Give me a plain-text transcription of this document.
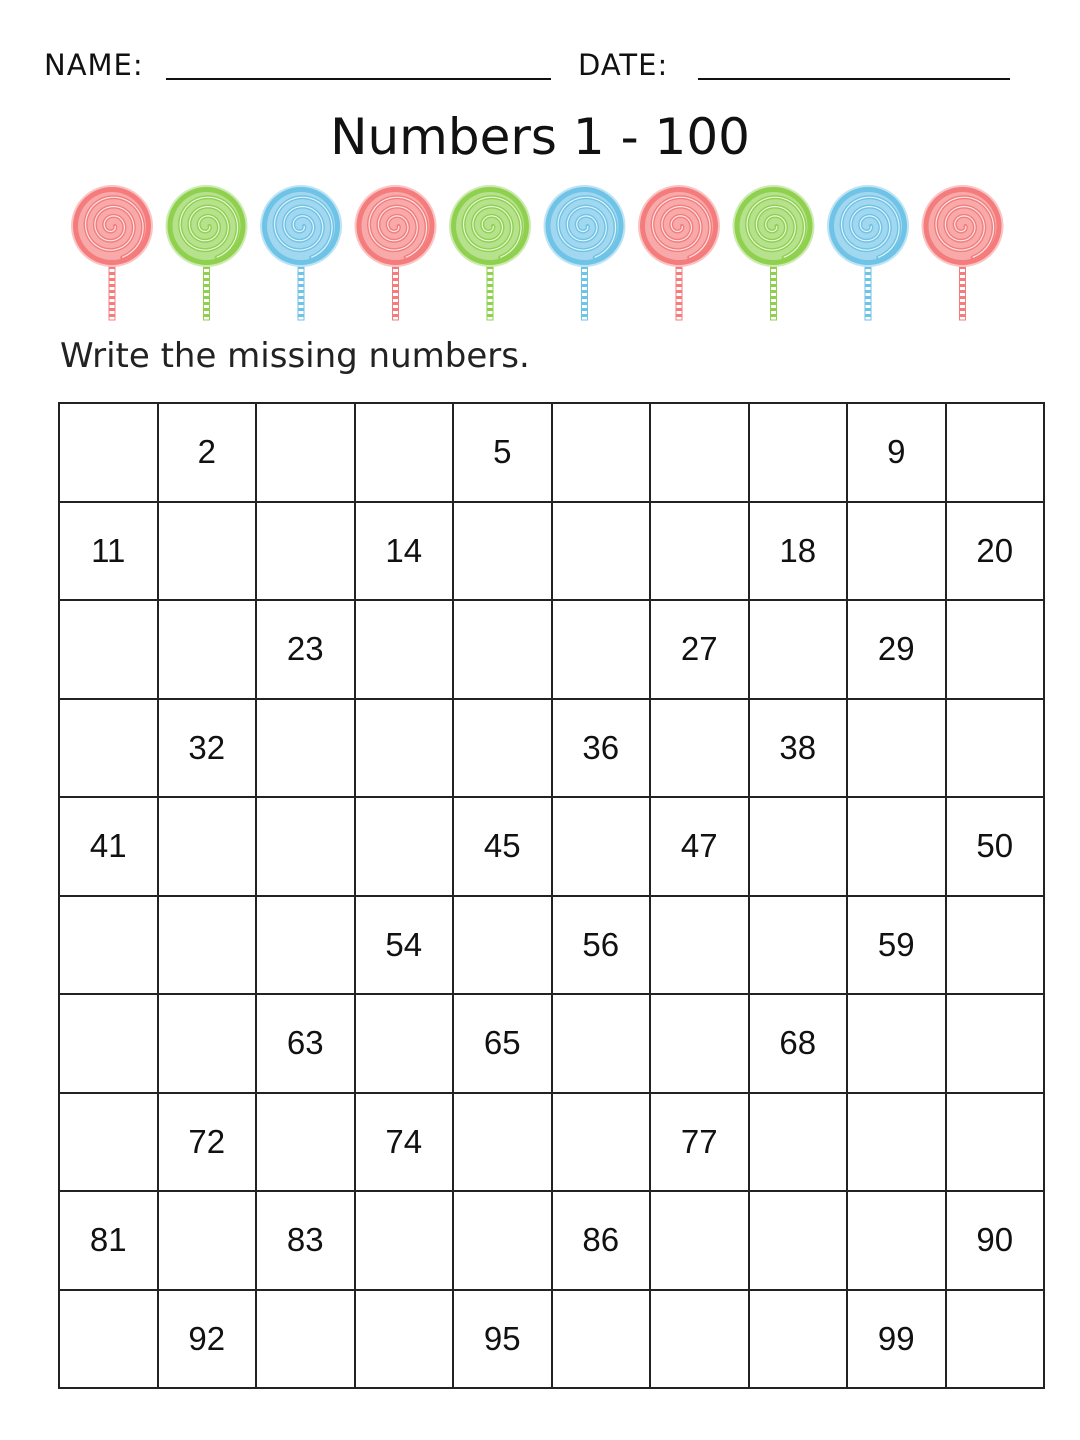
NAME:	DATE:
Numbers 1 - 100
Write the missing numbers.
	2			5				9	
11			14				18		20
		23				27		29	
	32				36		38		
41				45		47			50
			54		56			59	
		63		65			68		
	72		74			77			
81		83			86				90
	92			95				99	
